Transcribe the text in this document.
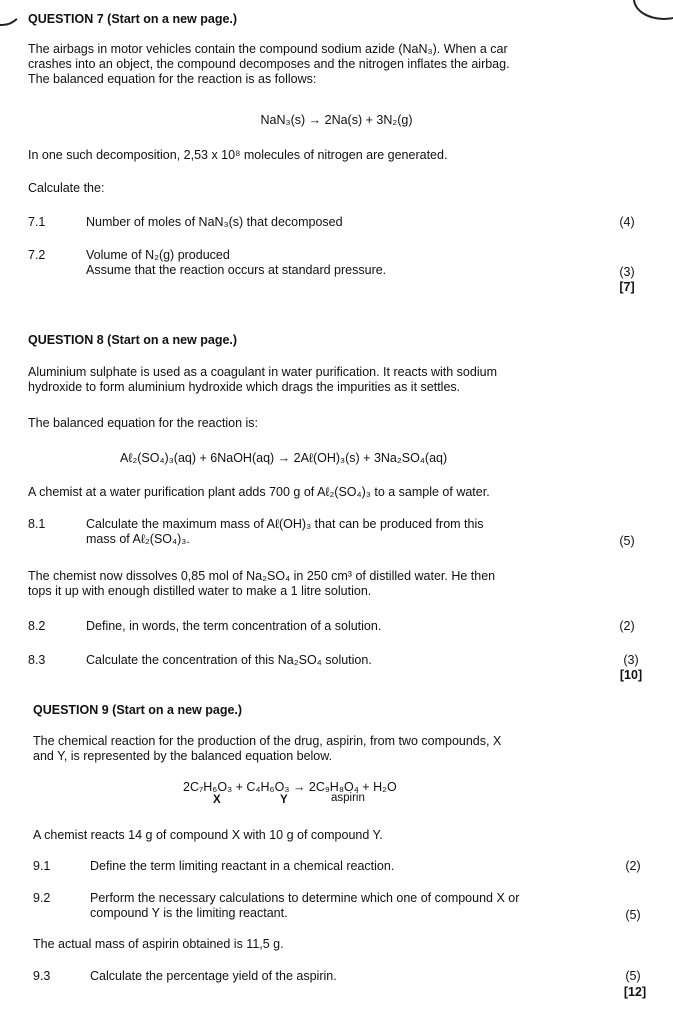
QUESTION 7 (Start on a new page.)
The airbags in motor vehicles contain the compound sodium azide (NaN₃). When a car
crashes into an object, the compound decomposes and the nitrogen inflates the airbag.
The balanced equation for the reaction is as follows:
NaN₃(s) → 2Na(s) + 3N₂(g)
In one such decomposition, 2,53 x 10⁸ molecules of nitrogen are generated.
Calculate the:
7.1	Number of moles of NaN₃(s) that decomposed	(4)
7.2	Volume of N₂(g) produced
Assume that the reaction occurs at standard pressure.	(3)
[7]
QUESTION 8 (Start on a new page.)
Aluminium sulphate is used as a coagulant in water purification. It reacts with sodium
hydroxide to form aluminium hydroxide which drags the impurities as it settles.
The balanced equation for the reaction is:
Aℓ₂(SO₄)₃(aq) + 6NaOH(aq) → 2Aℓ(OH)₃(s) + 3Na₂SO₄(aq)
A chemist at a water purification plant adds 700 g of Aℓ₂(SO₄)₃ to a sample of water.
8.1	Calculate the maximum mass of Aℓ(OH)₃ that can be produced from this
mass of Aℓ₂(SO₄)₃.	(5)
The chemist now dissolves 0,85 mol of Na₂SO₄ in 250 cm³ of distilled water. He then
tops it up with enough distilled water to make a 1 litre solution.
8.2	Define, in words, the term concentration of a solution.	(2)
8.3	Calculate the concentration of this Na₂SO₄ solution.	(3)
[10]
QUESTION 9 (Start on a new page.)
The chemical reaction for the production of the drug, aspirin, from two compounds, X
and Y, is represented by the balanced equation below.
2C₇H₆O₃ + C₄H₆O₃ → 2C₉H₈O₄ + H₂O
X	Y	aspirin
A chemist reacts 14 g of compound X with 10 g of compound Y.
9.1	Define the term limiting reactant in a chemical reaction.	(2)
9.2	Perform the necessary calculations to determine which one of compound X or
compound Y is the limiting reactant.	(5)
The actual mass of aspirin obtained is 11,5 g.
9.3	Calculate the percentage yield of the aspirin.	(5)
[12]
